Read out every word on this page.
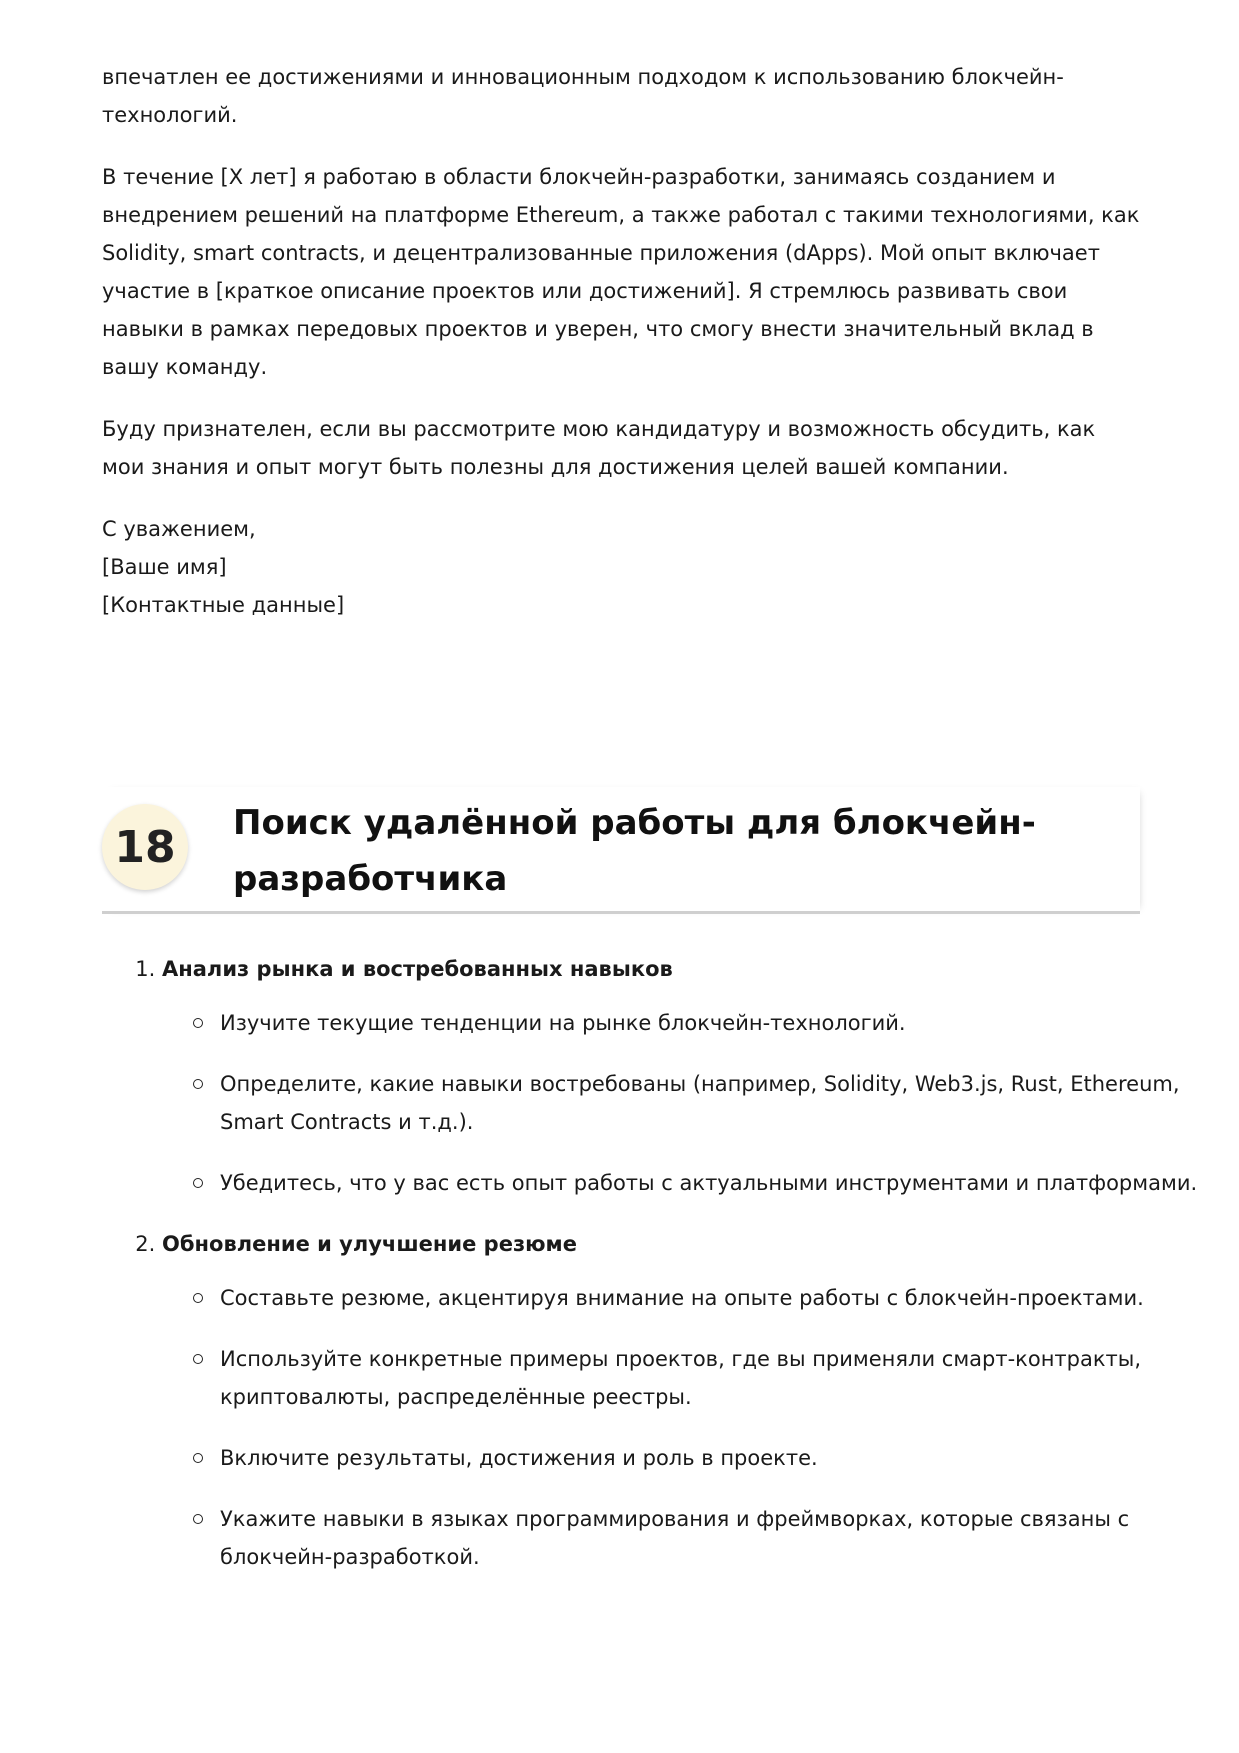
впечатлен ее достижениями и инновационным подходом к использованию блокчейн-технологий.

В течение [X лет] я работаю в области блокчейн-разработки, занимаясь созданием и внедрением решений на платформе Ethereum, а также работал с такими технологиями, как Solidity, smart contracts, и децентрализованные приложения (dApps). Мой опыт включает участие в [краткое описание проектов или достижений]. Я стремлюсь развивать свои навыки в рамках передовых проектов и уверен, что смогу внести значительный вклад в вашу команду.

Буду признателен, если вы рассмотрите мою кандидатуру и возможность обсудить, как мои знания и опыт могут быть полезны для достижения целей вашей компании.

С уважением,
[Ваше имя]
[Контактные данные]
18	Поиск удалённой работы для блокчейн-разработчика
1. Анализ рынка и востребованных навыков
Изучите текущие тенденции на рынке блокчейн-технологий.
Определите, какие навыки востребованы (например, Solidity, Web3.js, Rust, Ethereum, Smart Contracts и т.д.).
Убедитесь, что у вас есть опыт работы с актуальными инструментами и платформами.
2. Обновление и улучшение резюме
Составьте резюме, акцентируя внимание на опыте работы с блокчейн-проектами.
Используйте конкретные примеры проектов, где вы применяли смарт-контракты, криптовалюты, распределённые реестры.
Включите результаты, достижения и роль в проекте.
Укажите навыки в языках программирования и фреймворках, которые связаны с блокчейн-разработкой.
